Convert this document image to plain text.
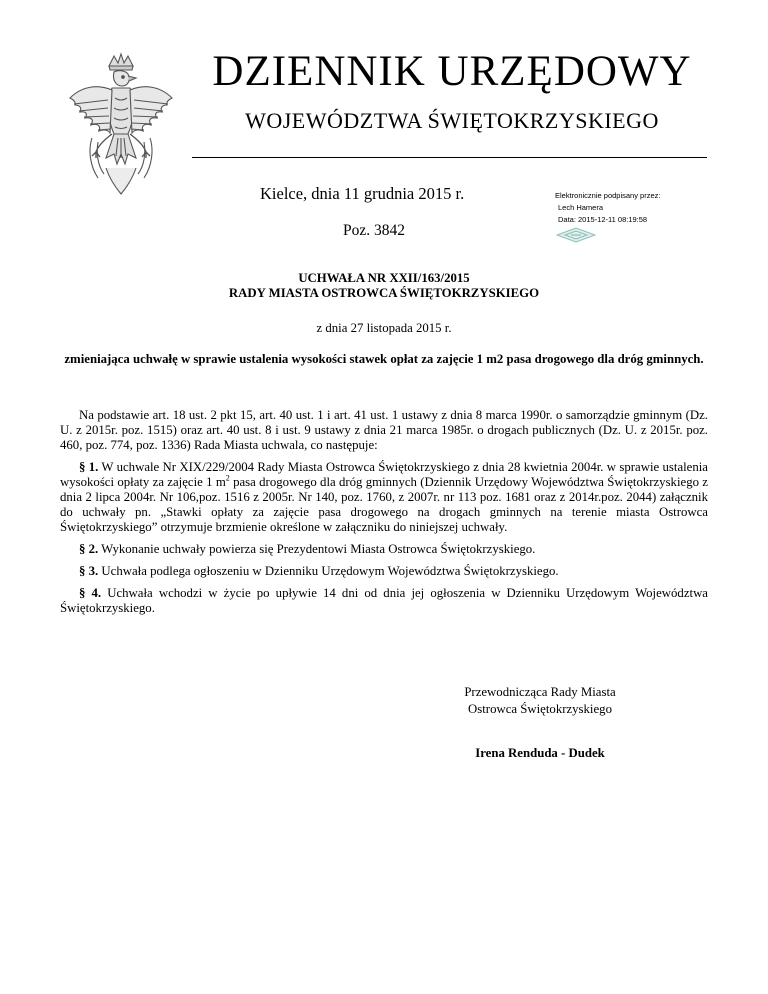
DZIENNIK URZĘDOWY
WOJEWÓDZTWA ŚWIĘTOKRZYSKIEGO
Kielce, dnia 11 grudnia 2015 r.
Poz. 3842
Elektronicznie podpisany przez:
Lech Hamera
Data: 2015-12-11 08:19:58
UCHWAŁA NR XXII/163/2015
RADY MIASTA OSTROWCA ŚWIĘTOKRZYSKIEGO
z dnia 27 listopada 2015 r.
zmieniająca uchwałę w sprawie ustalenia wysokości stawek opłat za zajęcie 1 m2 pasa drogowego dla dróg gminnych.

Na podstawie art. 18 ust. 2 pkt 15, art. 40 ust. 1 i art. 41 ust. 1 ustawy z dnia 8 marca 1990r. o samorządzie gminnym (Dz. U. z 2015r. poz. 1515) oraz art. 40 ust. 8 i ust. 9 ustawy z dnia 21 marca 1985r. o drogach publicznych (Dz. U. z 2015r. poz. 460, poz. 774, poz. 1336) Rada Miasta uchwala, co następuje:

§ 1. W uchwale Nr XIX/229/2004 Rady Miasta Ostrowca Świętokrzyskiego z dnia 28 kwietnia 2004r. w sprawie ustalenia wysokości opłaty za zajęcie 1 $m^2$ pasa drogowego dla dróg gminnych (Dziennik Urzędowy Województwa Świętokrzyskiego z dnia 2 lipca 2004r. Nr 106,poz. 1516 z 2005r. Nr 140, poz. 1760, z 2007r. nr 113 poz. 1681 oraz z 2014r.poz. 2044) załącznik do uchwały pn. „Stawki opłaty za zajęcie pasa drogowego na drogach gminnych na terenie miasta Ostrowca Świętokrzyskiego” otrzymuje brzmienie określone w załączniku do niniejszej uchwały.

§ 2. Wykonanie uchwały powierza się Prezydentowi Miasta Ostrowca Świętokrzyskiego.

§ 3. Uchwała podlega ogłoszeniu w Dzienniku Urzędowym Województwa Świętokrzyskiego.

§ 4. Uchwała wchodzi w życie po upływie 14 dni od dnia jej ogłoszenia w Dzienniku Urzędowym Województwa Świętokrzyskiego.

Przewodnicząca Rady Miasta
Ostrowca Świętokrzyskiego
Irena Renduda - Dudek
